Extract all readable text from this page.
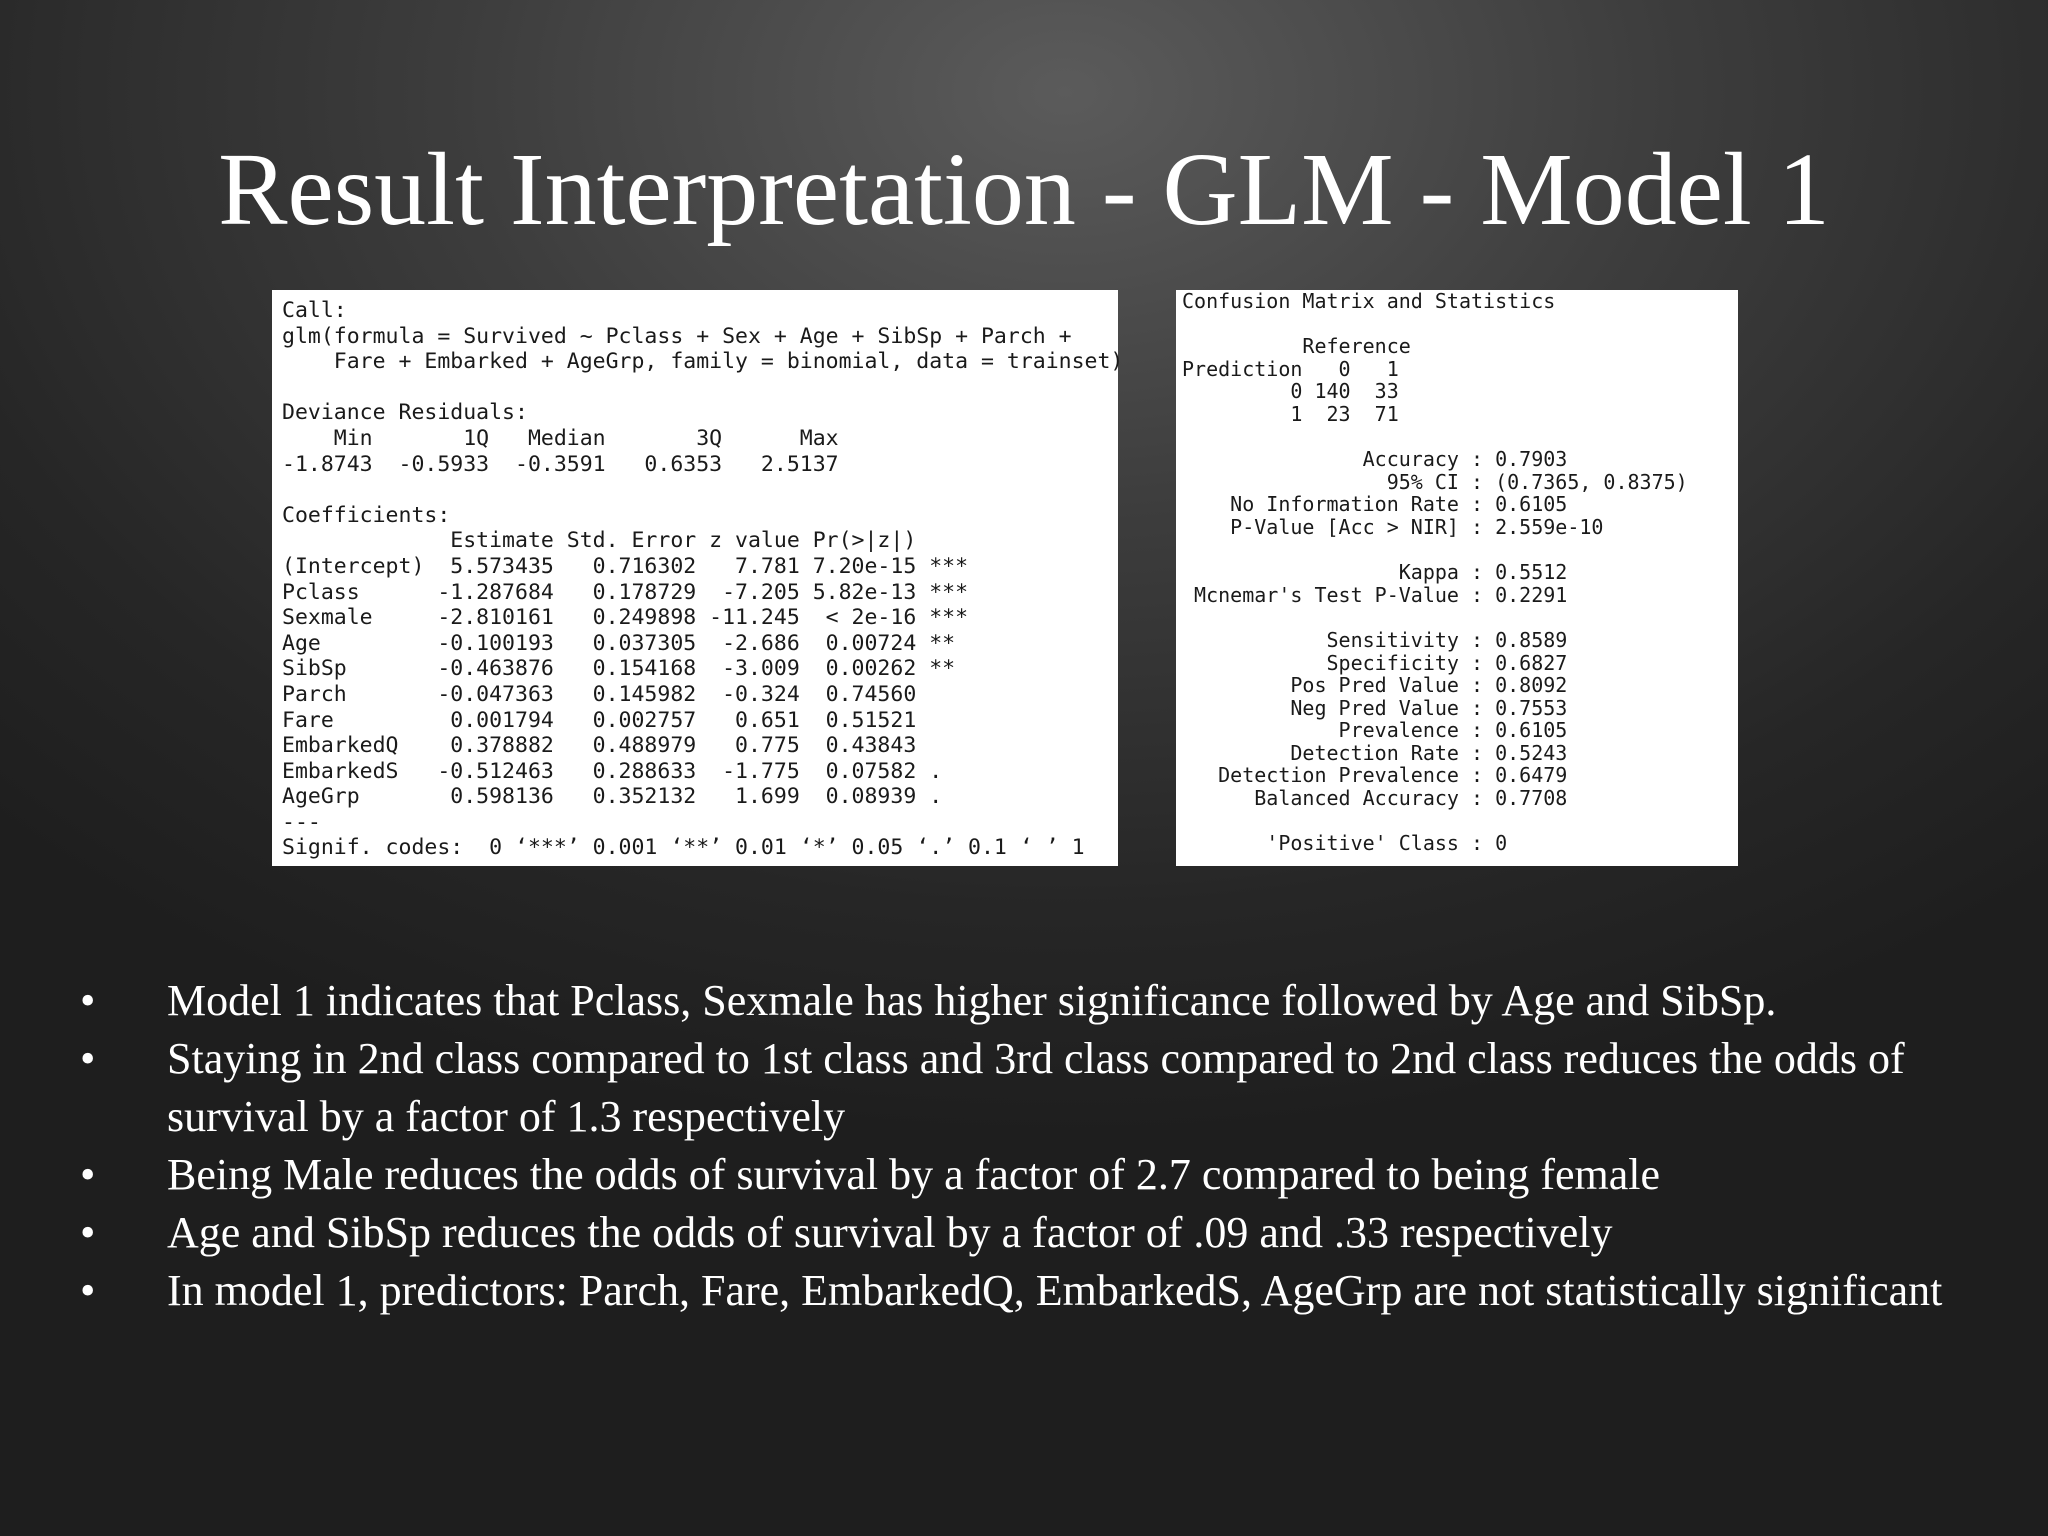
Result Interpretation - GLM - Model 1
Call:
glm(formula = Survived ~ Pclass + Sex + Age + SibSp + Parch +
Fare + Embarked + AgeGrp, family = binomial, data = trainset)

Deviance Residuals:
Min       1Q   Median       3Q      Max
-1.8743  -0.5933  -0.3591   0.6353   2.5137

Coefficients:
Estimate Std. Error z value Pr(>|z|)
(Intercept)  5.573435   0.716302   7.781 7.20e-15 ***
Pclass      -1.287684   0.178729  -7.205 5.82e-13 ***
Sexmale     -2.810161   0.249898 -11.245  < 2e-16 ***
Age         -0.100193   0.037305  -2.686  0.00724 **
SibSp       -0.463876   0.154168  -3.009  0.00262 **
Parch       -0.047363   0.145982  -0.324  0.74560
Fare         0.001794   0.002757   0.651  0.51521
EmbarkedQ    0.378882   0.488979   0.775  0.43843
EmbarkedS   -0.512463   0.288633  -1.775  0.07582 .
AgeGrp       0.598136   0.352132   1.699  0.08939 .
---
Signif. codes:  0 ‘***’ 0.001 ‘**’ 0.01 ‘*’ 0.05 ‘.’ 0.1 ‘ ’ 1

Confusion Matrix and Statistics

Reference
Prediction   0   1
0 140  33
1  23  71

Accuracy : 0.7903
95% CI : (0.7365, 0.8375)
No Information Rate : 0.6105
P-Value [Acc > NIR] : 2.559e-10

Kappa : 0.5512
Mcnemar's Test P-Value : 0.2291

Sensitivity : 0.8589
Specificity : 0.6827
Pos Pred Value : 0.8092
Neg Pred Value : 0.7553
Prevalence : 0.6105
Detection Rate : 0.5243
Detection Prevalence : 0.6479
Balanced Accuracy : 0.7708

'Positive' Class : 0

•	Model 1 indicates that Pclass, Sexmale has higher significance followed by Age and SibSp.
•	Staying in 2nd class compared to 1st class and 3rd class compared to 2nd class reduces the odds of survival by a factor of 1.3 respectively
•	Being Male reduces the odds of survival by a factor of 2.7 compared to being female
•	Age and SibSp reduces the odds of survival by a factor of .09 and .33 respectively
•	In model 1, predictors: Parch, Fare, EmbarkedQ, EmbarkedS, AgeGrp are not statistically significant
